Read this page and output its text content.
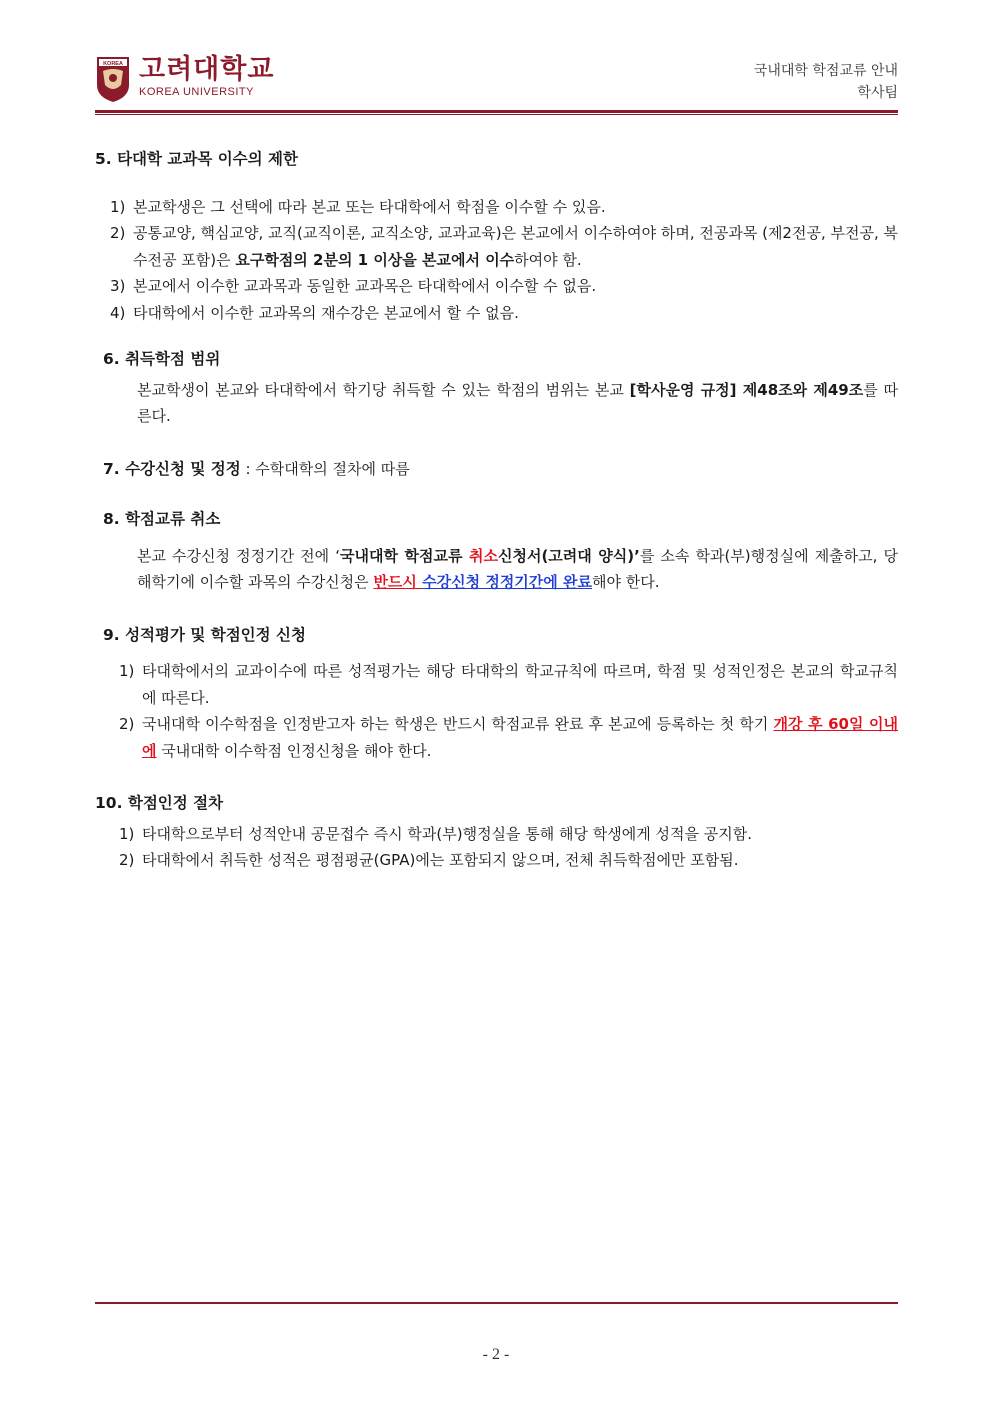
KOREA 고려대학교
KOREA UNIVERSITY
국내대학 학점교류 안내
학사팀
5. 타대학 교과목 이수의 제한
1) 본교학생은 그 선택에 따라 본교 또는 타대학에서 학점을 이수할 수 있음.
2) 공통교양, 핵심교양, 교직(교직이론, 교직소양, 교과교육)은 본교에서 이수하여야 하며, 전공과목 (제2전공, 부전공, 복수전공 포함)은 요구학점의 2분의 1 이상을 본교에서 이수하여야 함.
3) 본교에서 이수한 교과목과 동일한 교과목은 타대학에서 이수할 수 없음.
4) 타대학에서 이수한 교과목의 재수강은 본교에서 할 수 없음.
6. 취득학점 범위
본교학생이 본교와 타대학에서 학기당 취득할 수 있는 학점의 범위는 본교 [학사운영 규정] 제48조와 제49조를 따른다.
7. 수강신청 및 정정 : 수학대학의 절차에 따름
8. 학점교류 취소
본교 수강신청 정정기간 전에 ‘국내대학 학점교류 취소신청서(고려대 양식)’를 소속 학과(부)행정실에 제출하고, 당해학기에 이수할 과목의 수강신청은 반드시 수강신청 정정기간에 완료해야 한다.
9. 성적평가 및 학점인정 신청
1) 타대학에서의 교과이수에 따른 성적평가는 해당 타대학의 학교규칙에 따르며, 학점 및 성적인정은 본교의 학교규칙에 따른다.
2) 국내대학 이수학점을 인정받고자 하는 학생은 반드시 학점교류 완료 후 본교에 등록하는 첫 학기 개강 후 60일 이내에 국내대학 이수학점 인정신청을 해야 한다.
10. 학점인정 절차
1) 타대학으로부터 성적안내 공문접수 즉시 학과(부)행정실을 통해 해당 학생에게 성적을 공지함.
2) 타대학에서 취득한 성적은 평점평균(GPA)에는 포함되지 않으며, 전체 취득학점에만 포함됨.
- 2 -
